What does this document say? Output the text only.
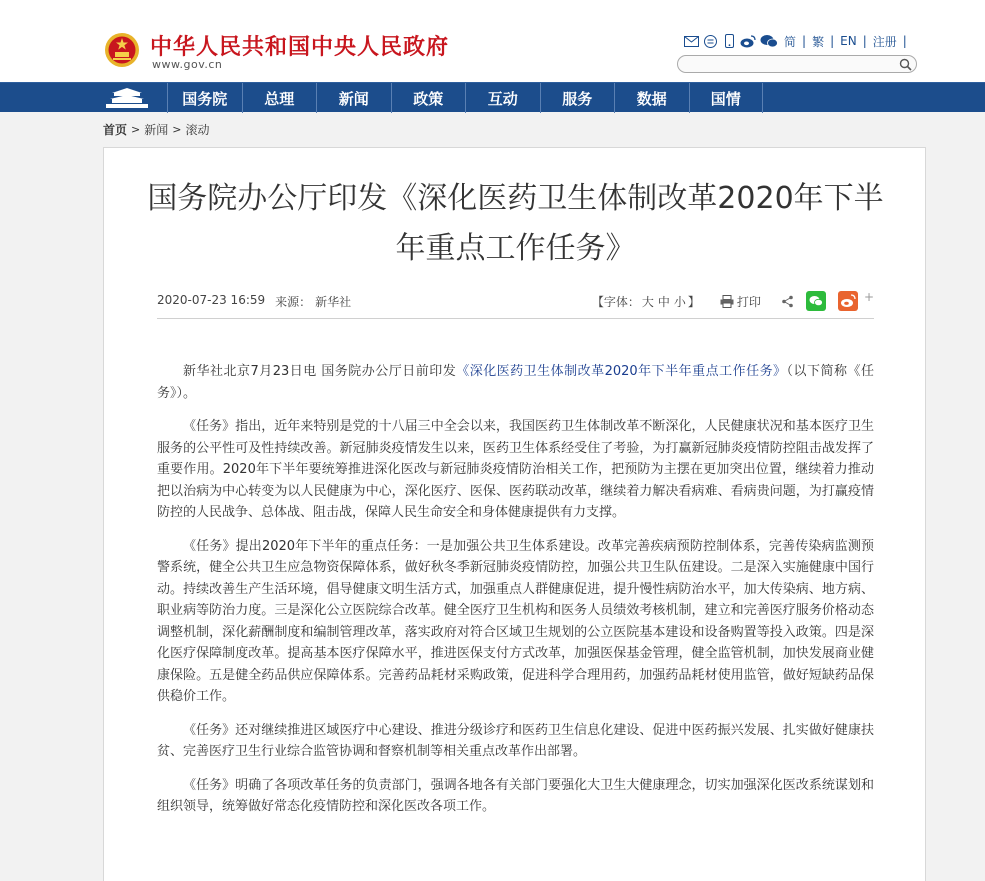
中华人民共和国中央人民政府
www.gov.cn
简 | 繁 | EN | 注册 |
国务院	总理	新闻	政策	互动	服务	数据	国情
首页 > 新闻 > 滚动
国务院办公厅印发《深化医药卫生体制改革2020年下半年重点工作任务》
2020-07-23 16:59 来源： 新华社	【字体： 大 中 小 】	打印	+

新华社北京7月23日电 国务院办公厅日前印发《深化医药卫生体制改革2020年下半年重点工作任务》（以下简称《任务》）。

《任务》指出，近年来特别是党的十八届三中全会以来，我国医药卫生体制改革不断深化，人民健康状况和基本医疗卫生服务的公平性可及性持续改善。新冠肺炎疫情发生以来，医药卫生体系经受住了考验，为打赢新冠肺炎疫情防控阻击战发挥了重要作用。2020年下半年要统筹推进深化医改与新冠肺炎疫情防治相关工作，把预防为主摆在更加突出位置，继续着力推动把以治病为中心转变为以人民健康为中心，深化医疗、医保、医药联动改革，继续着力解决看病难、看病贵问题，为打赢疫情防控的人民战争、总体战、阻击战，保障人民生命安全和身体健康提供有力支撑。

《任务》提出2020年下半年的重点任务：一是加强公共卫生体系建设。改革完善疾病预防控制体系，完善传染病监测预警系统，健全公共卫生应急物资保障体系，做好秋冬季新冠肺炎疫情防控，加强公共卫生队伍建设。二是深入实施健康中国行动。持续改善生产生活环境，倡导健康文明生活方式，加强重点人群健康促进，提升慢性病防治水平，加大传染病、地方病、职业病等防治力度。三是深化公立医院综合改革。健全医疗卫生机构和医务人员绩效考核机制，建立和完善医疗服务价格动态调整机制，深化薪酬制度和编制管理改革，落实政府对符合区域卫生规划的公立医院基本建设和设备购置等投入政策。四是深化医疗保障制度改革。提高基本医疗保障水平，推进医保支付方式改革，加强医保基金管理，健全监管机制，加快发展商业健康保险。五是健全药品供应保障体系。完善药品耗材采购政策，促进科学合理用药，加强药品耗材使用监管，做好短缺药品保供稳价工作。

《任务》还对继续推进区域医疗中心建设、推进分级诊疗和医药卫生信息化建设、促进中医药振兴发展、扎实做好健康扶贫、完善医疗卫生行业综合监管协调和督察机制等相关重点改革作出部署。

《任务》明确了各项改革任务的负责部门，强调各地各有关部门要强化大卫生大健康理念，切实加强深化医改系统谋划和组织领导，统筹做好常态化疫情防控和深化医改各项工作。
